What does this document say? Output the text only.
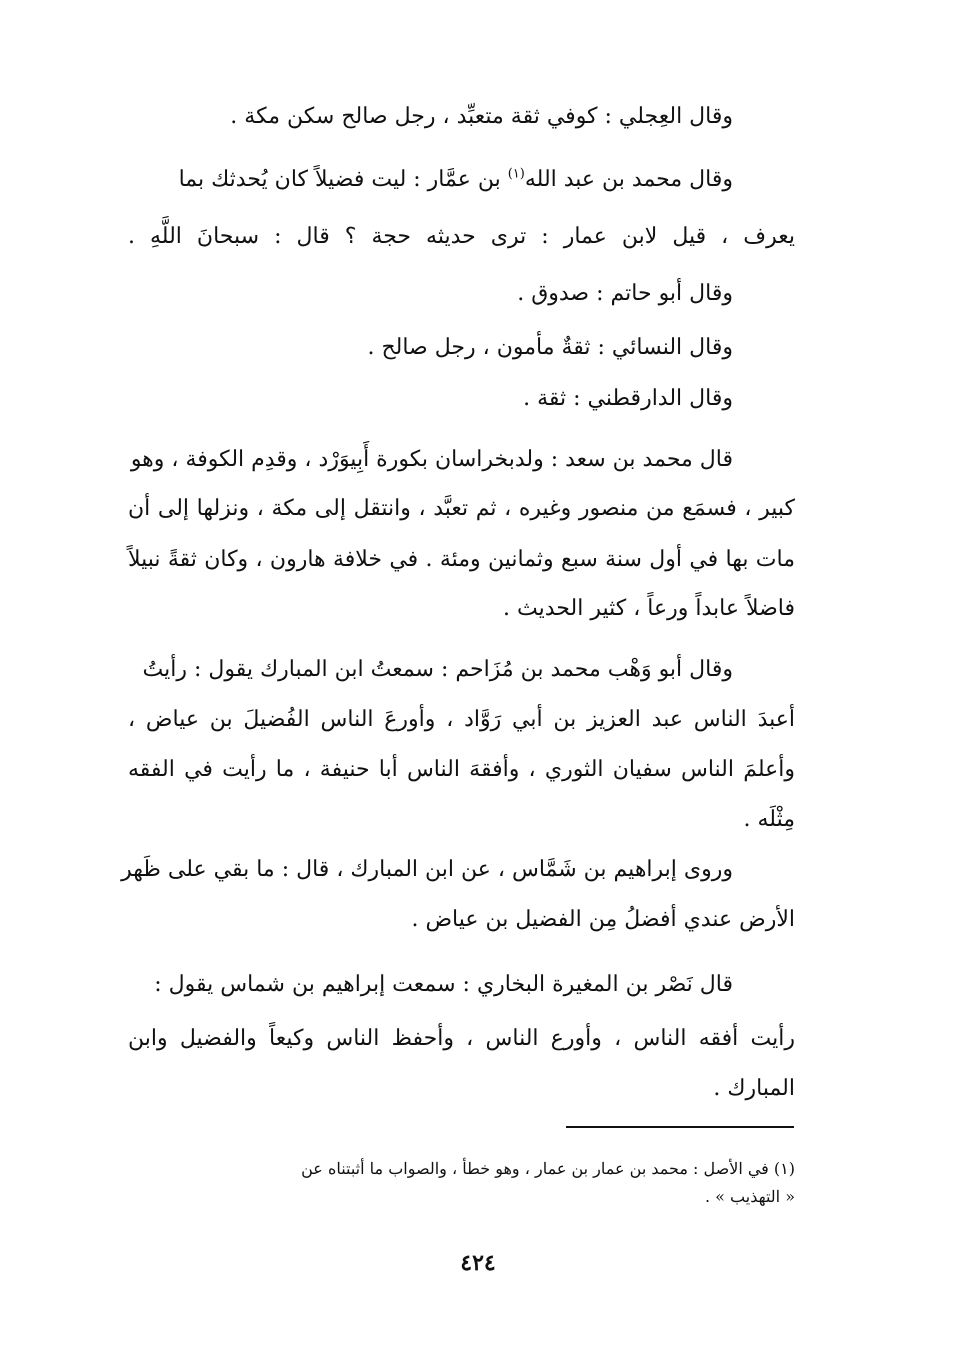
وقال العِجلي : كوفي ثقة متعبِّد ، رجل صالح سكن مكة .
وقال محمد بن عبد الله$^{(١)}$ بن عمَّار : ليت فضيلاً كان يُحدثك بما
يعرف ، قيل لابن عمار : ترى حديثه حجة ؟ قال : سبحانَ اللَّهِ .
وقال أبو حاتم : صدوق .
وقال النسائي : ثقةٌ مأمون ، رجل صالح .
وقال الدارقطني : ثقة .
قال محمد بن سعد : ولدبخراسان بكورة أَبِيوَرْد ، وقدِم الكوفة ، وهو
كبير ، فسمَع من منصور وغيره ، ثم تعبَّد ، وانتقل إلى مكة ، ونزلها إلى أن
مات بها في أول سنة سبع وثمانين ومئة . في خلافة هارون ، وكان ثقةً نبيلاً
فاضلاً عابداً ورعاً ، كثير الحديث .
وقال أبو وَهْب محمد بن مُزَاحم : سمعتُ ابن المبارك يقول : رأيتُ
أعبدَ الناس عبد العزيز بن أبي رَوَّاد ، وأورعَ الناس الفُضيلَ بن عياض ،
وأعلمَ الناس سفيان الثوري ، وأفقهَ الناس أبا حنيفة ، ما رأيت في الفقه
مِثْلَه .
وروى إبراهيم بن شَمَّاس ، عن ابن المبارك ، قال : ما بقي على ظَهر
الأرض عندي أفضلُ مِن الفضيل بن عياض .
قال نَصْر بن المغيرة البخاري : سمعت إبراهيم بن شماس يقول :
رأيت أفقه الناس ، وأورع الناس ، وأحفظ الناس وكيعاً والفضيل وابن
المبارك .
(١) في الأصل : محمد بن عمار بن عمار ، وهو خطأ ، والصواب ما أثبتناه عن
« التهذيب » .
٤٢٤
